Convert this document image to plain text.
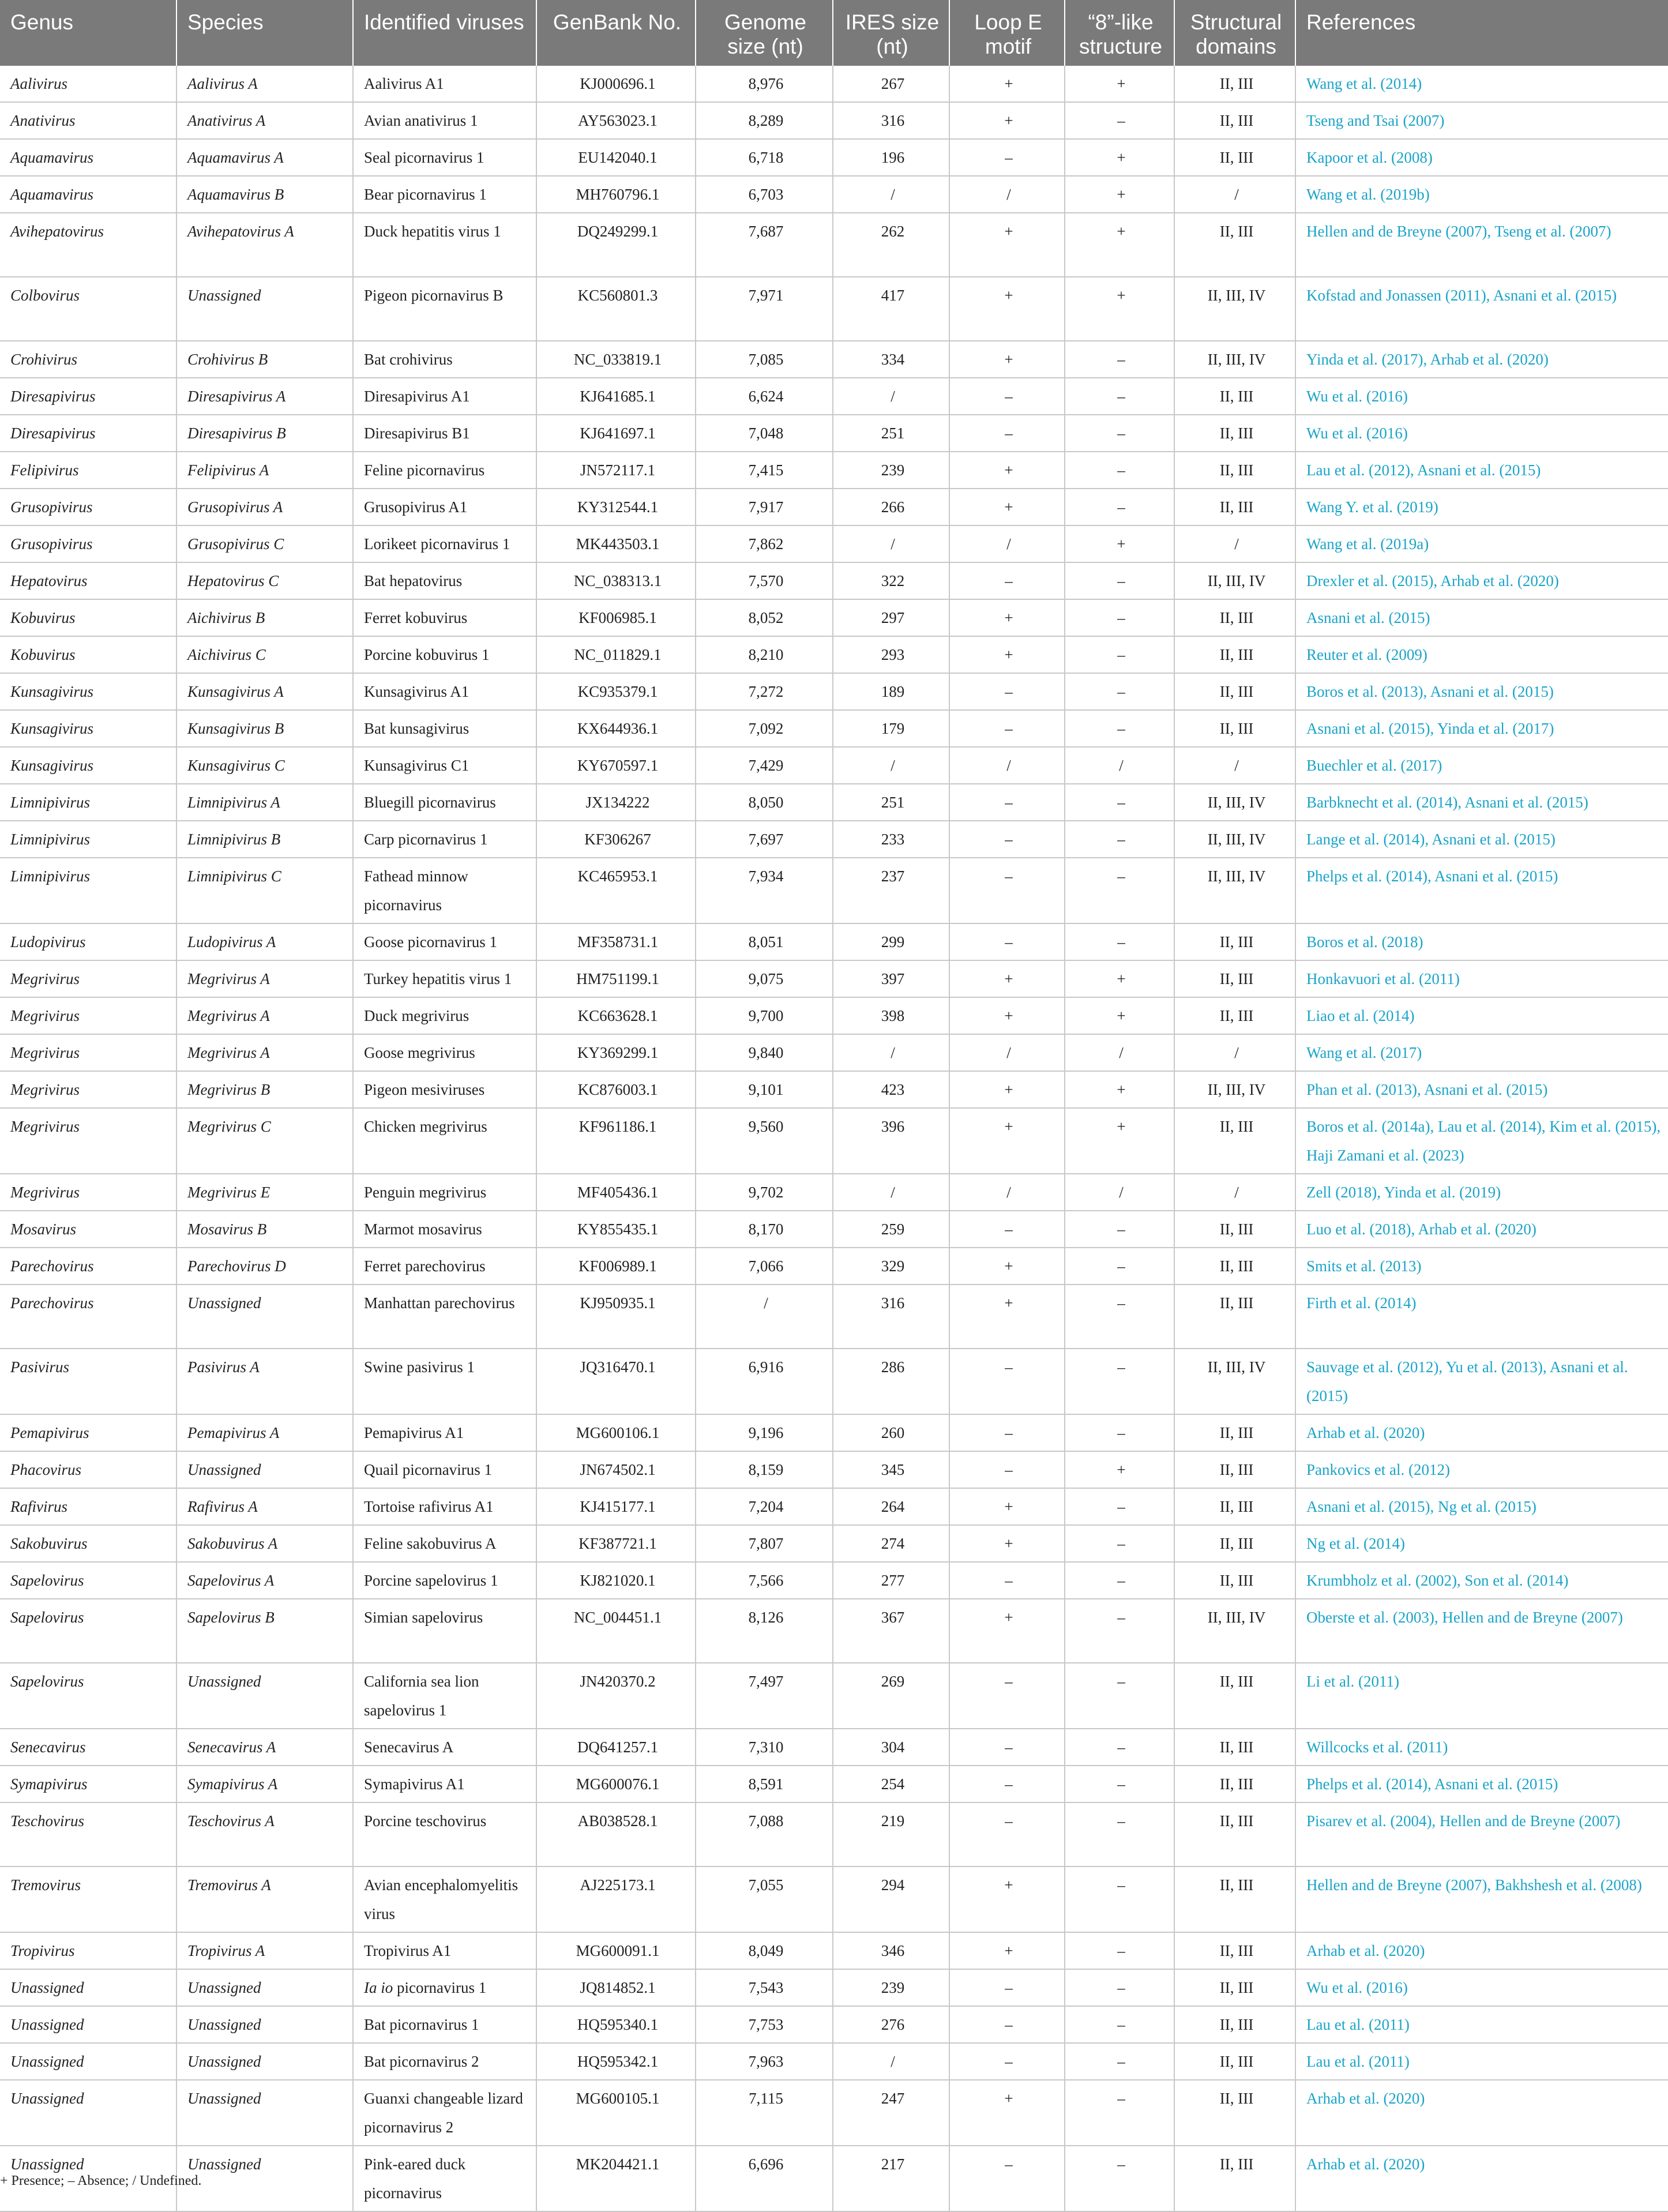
Genus	Species	Identified viruses	GenBank No.	Genome size (nt)	IRES size (nt)	Loop E motif	“8”-like structure	Structural domains	References
Aalivirus	Aalivirus A	Aalivirus A1	KJ000696.1	8,976	267	+	+	II, III	Wang et al. (2014)
Anativirus	Anativirus A	Avian anativirus 1	AY563023.1	8,289	316	+	–	II, III	Tseng and Tsai (2007)
Aquamavirus	Aquamavirus A	Seal picornavirus 1	EU142040.1	6,718	196	–	+	II, III	Kapoor et al. (2008)
Aquamavirus	Aquamavirus B	Bear picornavirus 1	MH760796.1	6,703	/	/	+	/	Wang et al. (2019b)
Avihepatovirus	Avihepatovirus A	Duck hepatitis virus 1	DQ249299.1	7,687	262	+	+	II, III	Hellen and de Breyne (2007), Tseng et al. (2007)
Colbovirus	Unassigned	Pigeon picornavirus B	KC560801.3	7,971	417	+	+	II, III, IV	Kofstad and Jonassen (2011), Asnani et al. (2015)
Crohivirus	Crohivirus B	Bat crohivirus	NC_033819.1	7,085	334	+	–	II, III, IV	Yinda et al. (2017), Arhab et al. (2020)
Diresapivirus	Diresapivirus A	Diresapivirus A1	KJ641685.1	6,624	/	–	–	II, III	Wu et al. (2016)
Diresapivirus	Diresapivirus B	Diresapivirus B1	KJ641697.1	7,048	251	–	–	II, III	Wu et al. (2016)
Felipivirus	Felipivirus A	Feline picornavirus	JN572117.1	7,415	239	+	–	II, III	Lau et al. (2012), Asnani et al. (2015)
Grusopivirus	Grusopivirus A	Grusopivirus A1	KY312544.1	7,917	266	+	–	II, III	Wang Y. et al. (2019)
Grusopivirus	Grusopivirus C	Lorikeet picornavirus 1	MK443503.1	7,862	/	/	+	/	Wang et al. (2019a)
Hepatovirus	Hepatovirus C	Bat hepatovirus	NC_038313.1	7,570	322	–	–	II, III, IV	Drexler et al. (2015), Arhab et al. (2020)
Kobuvirus	Aichivirus B	Ferret kobuvirus	KF006985.1	8,052	297	+	–	II, III	Asnani et al. (2015)
Kobuvirus	Aichivirus C	Porcine kobuvirus 1	NC_011829.1	8,210	293	+	–	II, III	Reuter et al. (2009)
Kunsagivirus	Kunsagivirus A	Kunsagivirus A1	KC935379.1	7,272	189	–	–	II, III	Boros et al. (2013), Asnani et al. (2015)
Kunsagivirus	Kunsagivirus B	Bat kunsagivirus	KX644936.1	7,092	179	–	–	II, III	Asnani et al. (2015), Yinda et al. (2017)
Kunsagivirus	Kunsagivirus C	Kunsagivirus C1	KY670597.1	7,429	/	/	/	/	Buechler et al. (2017)
Limnipivirus	Limnipivirus A	Bluegill picornavirus	JX134222	8,050	251	–	–	II, III, IV	Barbknecht et al. (2014), Asnani et al. (2015)
Limnipivirus	Limnipivirus B	Carp picornavirus 1	KF306267	7,697	233	–	–	II, III, IV	Lange et al. (2014), Asnani et al. (2015)
Limnipivirus	Limnipivirus C	Fathead minnow picornavirus	KC465953.1	7,934	237	–	–	II, III, IV	Phelps et al. (2014), Asnani et al. (2015)
Ludopivirus	Ludopivirus A	Goose picornavirus 1	MF358731.1	8,051	299	–	–	II, III	Boros et al. (2018)
Megrivirus	Megrivirus A	Turkey hepatitis virus 1	HM751199.1	9,075	397	+	+	II, III	Honkavuori et al. (2011)
Megrivirus	Megrivirus A	Duck megrivirus	KC663628.1	9,700	398	+	+	II, III	Liao et al. (2014)
Megrivirus	Megrivirus A	Goose megrivirus	KY369299.1	9,840	/	/	/	/	Wang et al. (2017)
Megrivirus	Megrivirus B	Pigeon mesiviruses	KC876003.1	9,101	423	+	+	II, III, IV	Phan et al. (2013), Asnani et al. (2015)
Megrivirus	Megrivirus C	Chicken megrivirus	KF961186.1	9,560	396	+	+	II, III	Boros et al. (2014a), Lau et al. (2014), Kim et al. (2015), Haji Zamani et al. (2023)
Megrivirus	Megrivirus E	Penguin megrivirus	MF405436.1	9,702	/	/	/	/	Zell (2018), Yinda et al. (2019)
Mosavirus	Mosavirus B	Marmot mosavirus	KY855435.1	8,170	259	–	–	II, III	Luo et al. (2018), Arhab et al. (2020)
Parechovirus	Parechovirus D	Ferret parechovirus	KF006989.1	7,066	329	+	–	II, III	Smits et al. (2013)
Parechovirus	Unassigned	Manhattan parechovirus	KJ950935.1	/	316	+	–	II, III	Firth et al. (2014)
Pasivirus	Pasivirus A	Swine pasivirus 1	JQ316470.1	6,916	286	–	–	II, III, IV	Sauvage et al. (2012), Yu et al. (2013), Asnani et al. (2015)
Pemapivirus	Pemapivirus A	Pemapivirus A1	MG600106.1	9,196	260	–	–	II, III	Arhab et al. (2020)
Phacovirus	Unassigned	Quail picornavirus 1	JN674502.1	8,159	345	–	+	II, III	Pankovics et al. (2012)
Rafivirus	Rafivirus A	Tortoise rafivirus A1	KJ415177.1	7,204	264	+	–	II, III	Asnani et al. (2015), Ng et al. (2015)
Sakobuvirus	Sakobuvirus A	Feline sakobuvirus A	KF387721.1	7,807	274	+	–	II, III	Ng et al. (2014)
Sapelovirus	Sapelovirus A	Porcine sapelovirus 1	KJ821020.1	7,566	277	–	–	II, III	Krumbholz et al. (2002), Son et al. (2014)
Sapelovirus	Sapelovirus B	Simian sapelovirus	NC_004451.1	8,126	367	+	–	II, III, IV	Oberste et al. (2003), Hellen and de Breyne (2007)
Sapelovirus	Unassigned	California sea lion sapelovirus 1	JN420370.2	7,497	269	–	–	II, III	Li et al. (2011)
Senecavirus	Senecavirus A	Senecavirus A	DQ641257.1	7,310	304	–	–	II, III	Willcocks et al. (2011)
Symapivirus	Symapivirus A	Symapivirus A1	MG600076.1	8,591	254	–	–	II, III	Phelps et al. (2014), Asnani et al. (2015)
Teschovirus	Teschovirus A	Porcine teschovirus	AB038528.1	7,088	219	–	–	II, III	Pisarev et al. (2004), Hellen and de Breyne (2007)
Tremovirus	Tremovirus A	Avian encephalomyelitis virus	AJ225173.1	7,055	294	+	–	II, III	Hellen and de Breyne (2007), Bakhshesh et al. (2008)
Tropivirus	Tropivirus A	Tropivirus A1	MG600091.1	8,049	346	+	–	II, III	Arhab et al. (2020)
Unassigned	Unassigned	Ia io picornavirus 1	JQ814852.1	7,543	239	–	–	II, III	Wu et al. (2016)
Unassigned	Unassigned	Bat picornavirus 1	HQ595340.1	7,753	276	–	–	II, III	Lau et al. (2011)
Unassigned	Unassigned	Bat picornavirus 2	HQ595342.1	7,963	/	–	–	II, III	Lau et al. (2011)
Unassigned	Unassigned	Guanxi changeable lizard picornavirus 2	MG600105.1	7,115	247	+	–	II, III	Arhab et al. (2020)
Unassigned	Unassigned	Pink-eared duck picornavirus	MK204421.1	6,696	217	–	–	II, III	Arhab et al. (2020)
+ Presence; – Absence; / Undefined.
